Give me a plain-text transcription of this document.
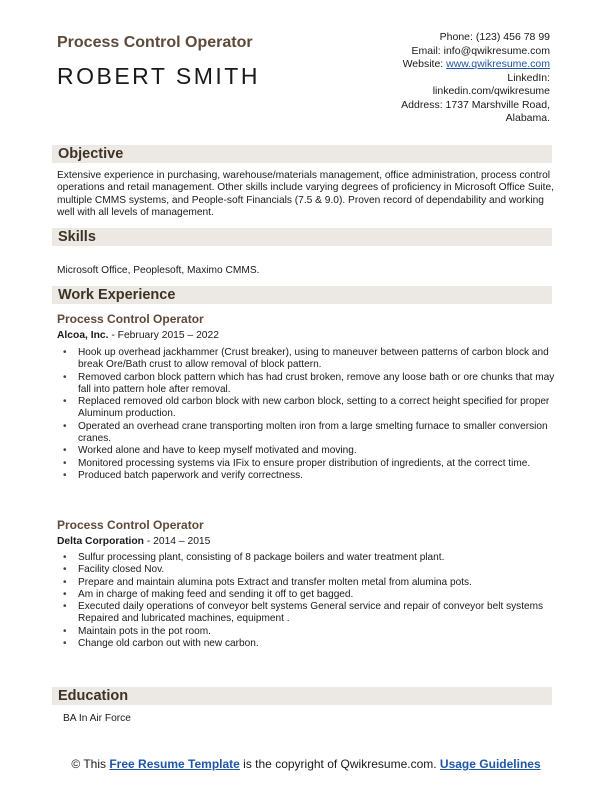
Process Control Operator
ROBERT SMITH
Phone: (123) 456 78 99
Email: info@qwikresume.com
Website: www.qwikresume.com
LinkedIn:
linkedin.com/qwikresume
Address: 1737 Marshville Road,
Alabama.
Objective
Extensive experience in purchasing, warehouse/materials management, office administration, process control operations and retail management. Other skills include varying degrees of proficiency in Microsoft Office Suite, multiple CMMS systems, and People-soft Financials (7.5 & 9.0). Proven record of dependability and working well with all levels of management.
Skills
Microsoft Office, Peoplesoft, Maximo CMMS.
Work Experience
Process Control Operator
Alcoa, Inc. - February 2015 – 2022
• Hook up overhead jackhammer (Crust breaker), using to maneuver between patterns of carbon block and break Ore/Bath crust to allow removal of block pattern.
• Removed carbon block pattern which has had crust broken, remove any loose bath or ore chunks that may fall into pattern hole after removal.
• Replaced removed old carbon block with new carbon block, setting to a correct height specified for proper Aluminum production.
• Operated an overhead crane transporting molten iron from a large smelting furnace to smaller conversion cranes.
• Worked alone and have to keep myself motivated and moving.
• Monitored processing systems via IFix to ensure proper distribution of ingredients, at the correct time.
• Produced batch paperwork and verify correctness.
Process Control Operator
Delta Corporation - 2014 – 2015
• Sulfur processing plant, consisting of 8 package boilers and water treatment plant.
• Facility closed Nov.
• Prepare and maintain alumina pots Extract and transfer molten metal from alumina pots.
• Am in charge of making feed and sending it off to get bagged.
• Executed daily operations of conveyor belt systems General service and repair of conveyor belt systems Repaired and lubricated machines, equipment .
• Maintain pots in the pot room.
• Change old carbon out with new carbon.
Education
BA In Air Force
© This Free Resume Template is the copyright of Qwikresume.com. Usage Guidelines
